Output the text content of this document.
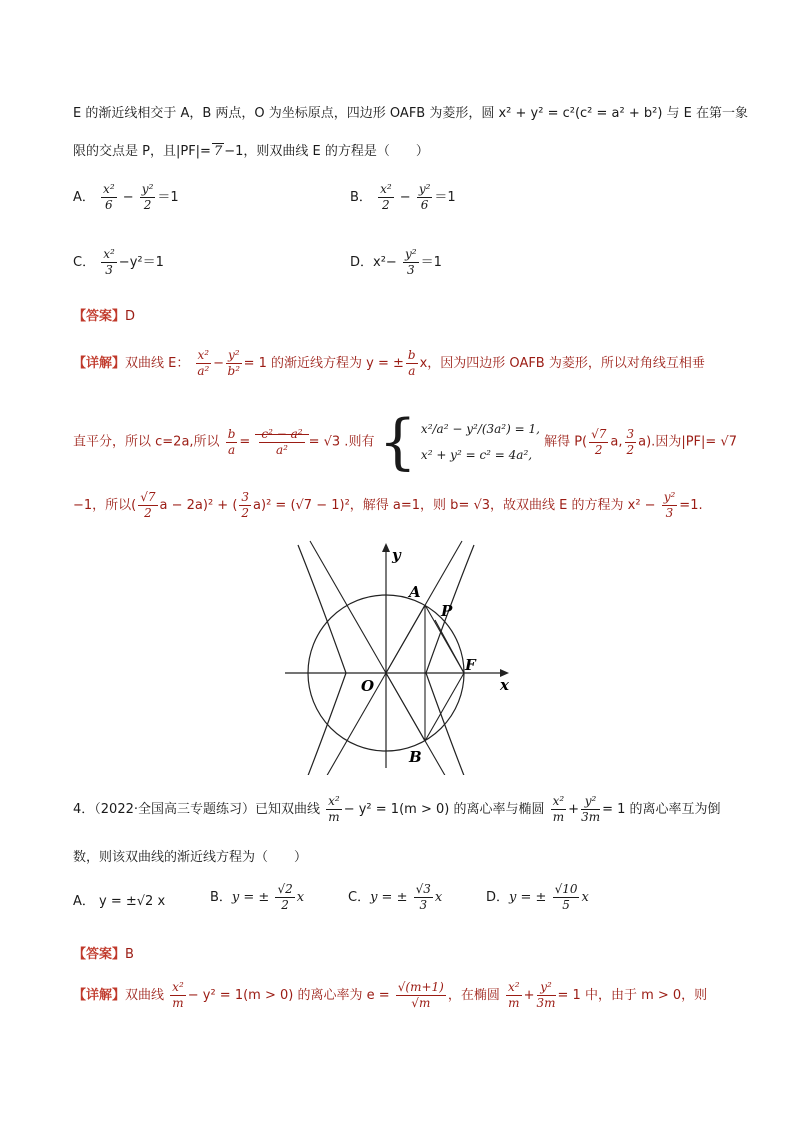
E 的渐近线相交于 A，B 两点，O 为坐标原点，四边形 OAFB 为菱形，圆 x² + y² = c²(c² = a² + b²) 与 E 在第一象
限的交点是 P，且|PF|= 7 −1，则双曲线 E 的方程是（　　）
A． $\frac{\text{x²}}{6} - \frac{\text{y²}}{2} =1$	B． $\frac{\text{x²}}{2} - \frac{\text{y²}}{6} =1$
C． $\frac{\text{x²}}{3} -y^2=1$	D．$x^2- \frac{\text{y²}}{3} =1$
【答案】D
【详解】双曲线 E： $\frac{\text{x²}}{\text{a²}} - \frac{\text{y²}}{\text{b²}} = 1$ 的渐近线方程为 y = ± $\frac{b}{a}$ x，因为四边形 OAFB 为菱形，所以对角线互相垂
直平分，所以 c=2a,所以 $\frac{b}{a} = \frac{\text{c² − a²}}{\text{a²}} = √3$ .则有 { x²/a² − y²/(3a²) = 1,
x² + y² = c² = 4a²,
解得 $P( \frac{√7}{2} a$, $\frac{3}{2} a$).因为|PF|= √7
−1，所以( $\frac{√7}{2}$ a − 2a)² + ( $\frac{3}{2} a)^2 = (√7 - 1)^2$，解得 a=1，则 b= √3，故双曲线 E 的方程为 $x^2 - \frac{\text{y²}}{3} =1$.
y
x
O
A
P
F
B
4．（2022·全国高三专题练习）已知双曲线 $\frac{\text{x²}}{m} - y^2 = 1(m > 0)$ 的离心率与椭圆 $\frac{\text{x²}}{m} + \frac{\text{y²}}{3m} = 1$ 的离心率互为倒
数，则该双曲线的渐近线方程为（　　）
A． y = ±√2 x	B．y = ± $\frac{√2}{2}$ x	C．y = ± $\frac{√3}{3}$ x	D．y = ± $\frac{√10}{5}$ x
【答案】B
【详解】双曲线 $\frac{\text{x²}}{m} - y^2 = 1(m > 0)$ 的离心率为 $e = \frac{√(m+1)}{√m}$ ，在椭圆 $\frac{\text{x²}}{m} + \frac{\text{y²}}{3m} = 1$ 中，由于 m > 0，则
